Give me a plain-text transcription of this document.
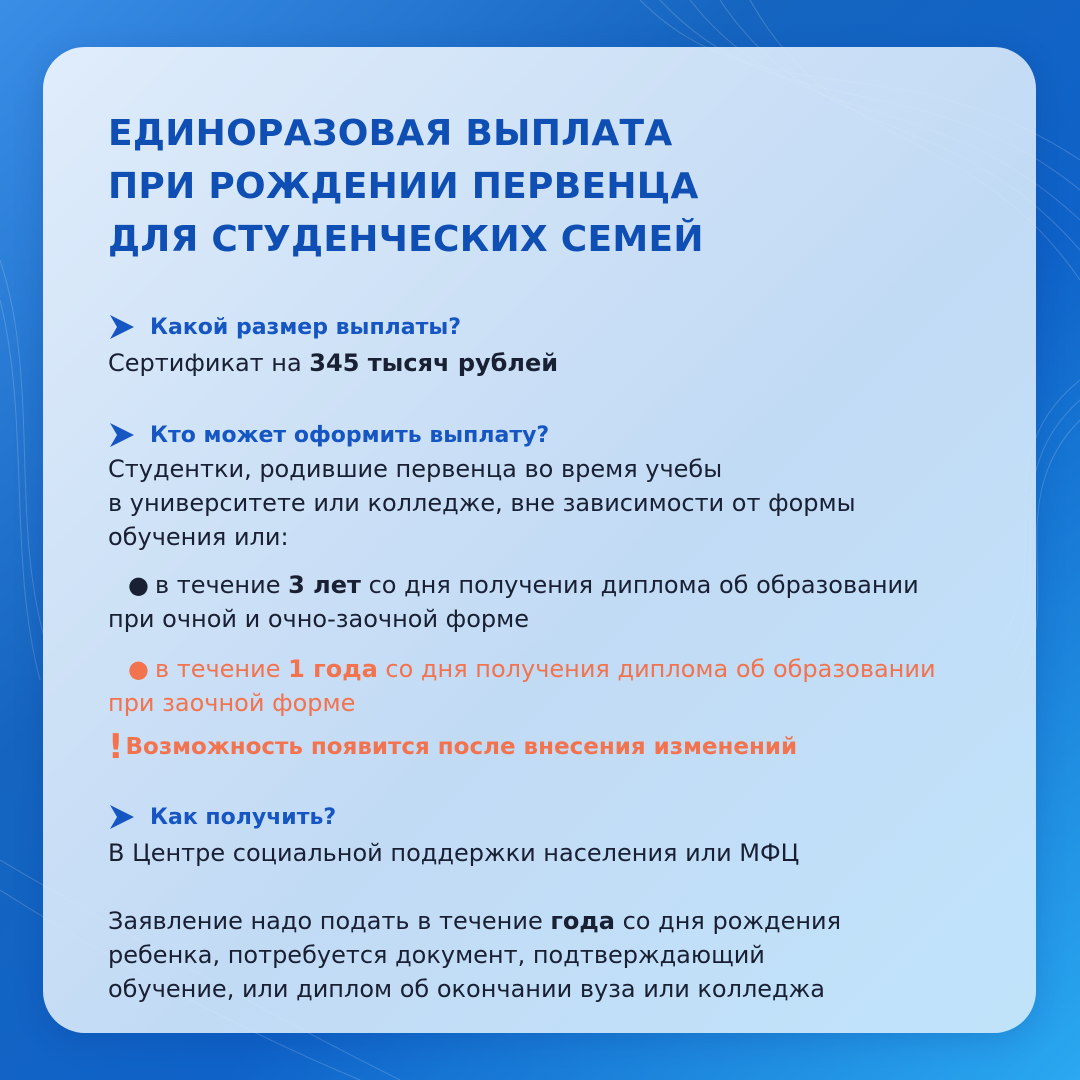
ЕДИНОРАЗОВАЯ ВЫПЛАТА
ПРИ РОЖДЕНИИ ПЕРВЕНЦА
ДЛЯ СТУДЕНЧЕСКИХ СЕМЕЙ
Какой размер выплаты?

Сертификат на 345 тысяч рублей

Кто может оформить выплату?

Студентки, родившие первенца во время учебы
в университете или колледже, вне зависимости от формы
обучения или:

● в течение 3 лет со дня получения диплома об образовании
при очной и очно-заочной форме

● в течение 1 года со дня получения диплома об образовании
при заочной форме

! Возможность появится после внесения изменений
Как получить?

В Центре социальной поддержки населения или МФЦ

Заявление надо подать в течение года со дня рождения
ребенка, потребуется документ, подтверждающий
обучение, или диплом об окончании вуза или колледжа
